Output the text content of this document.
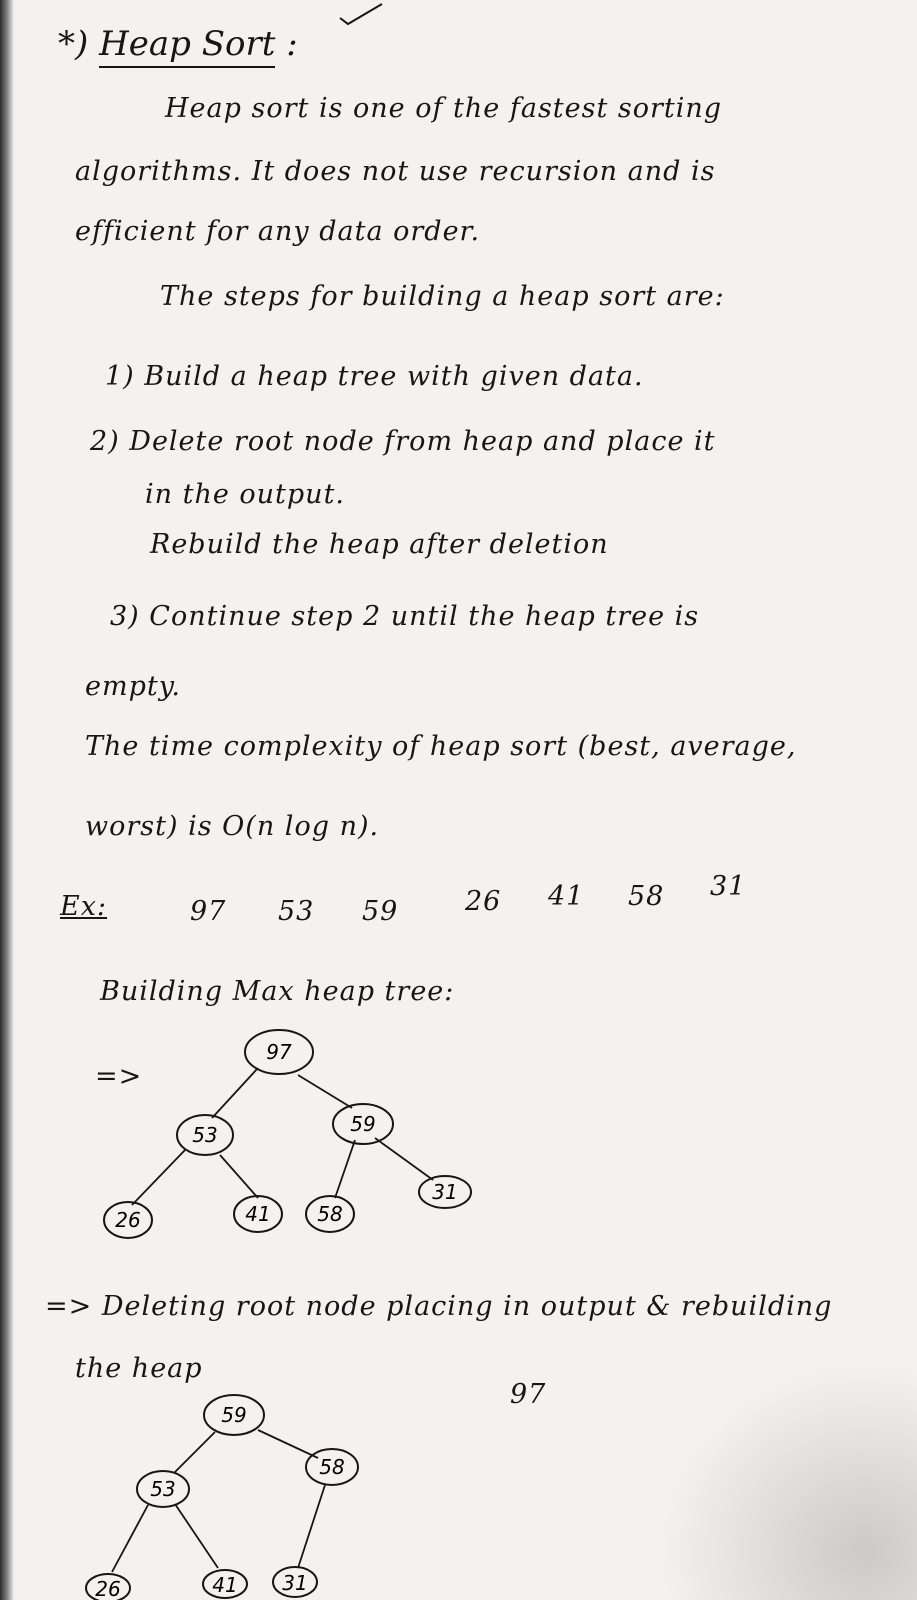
*) Heap Sort :
Heap sort is one of the fastest sorting
algorithms. It does not use recursion and is
efficient for any data order.
The steps for building a heap sort are:
1) Build a heap tree with given data.
2) Delete root node from heap and place it
in the output.
Rebuild the heap after deletion
3) Continue step 2 until the heap tree is
empty.
The time complexity of heap sort (best, average,
worst) is O(n log n).
Ex:	97 53 59 26 41 58 31
Building Max heap tree:
=>
97
53	59
26	41 58
31
=> Deleting root node placing in output & rebuilding
the heap
97
59
53
58
26	41 31
